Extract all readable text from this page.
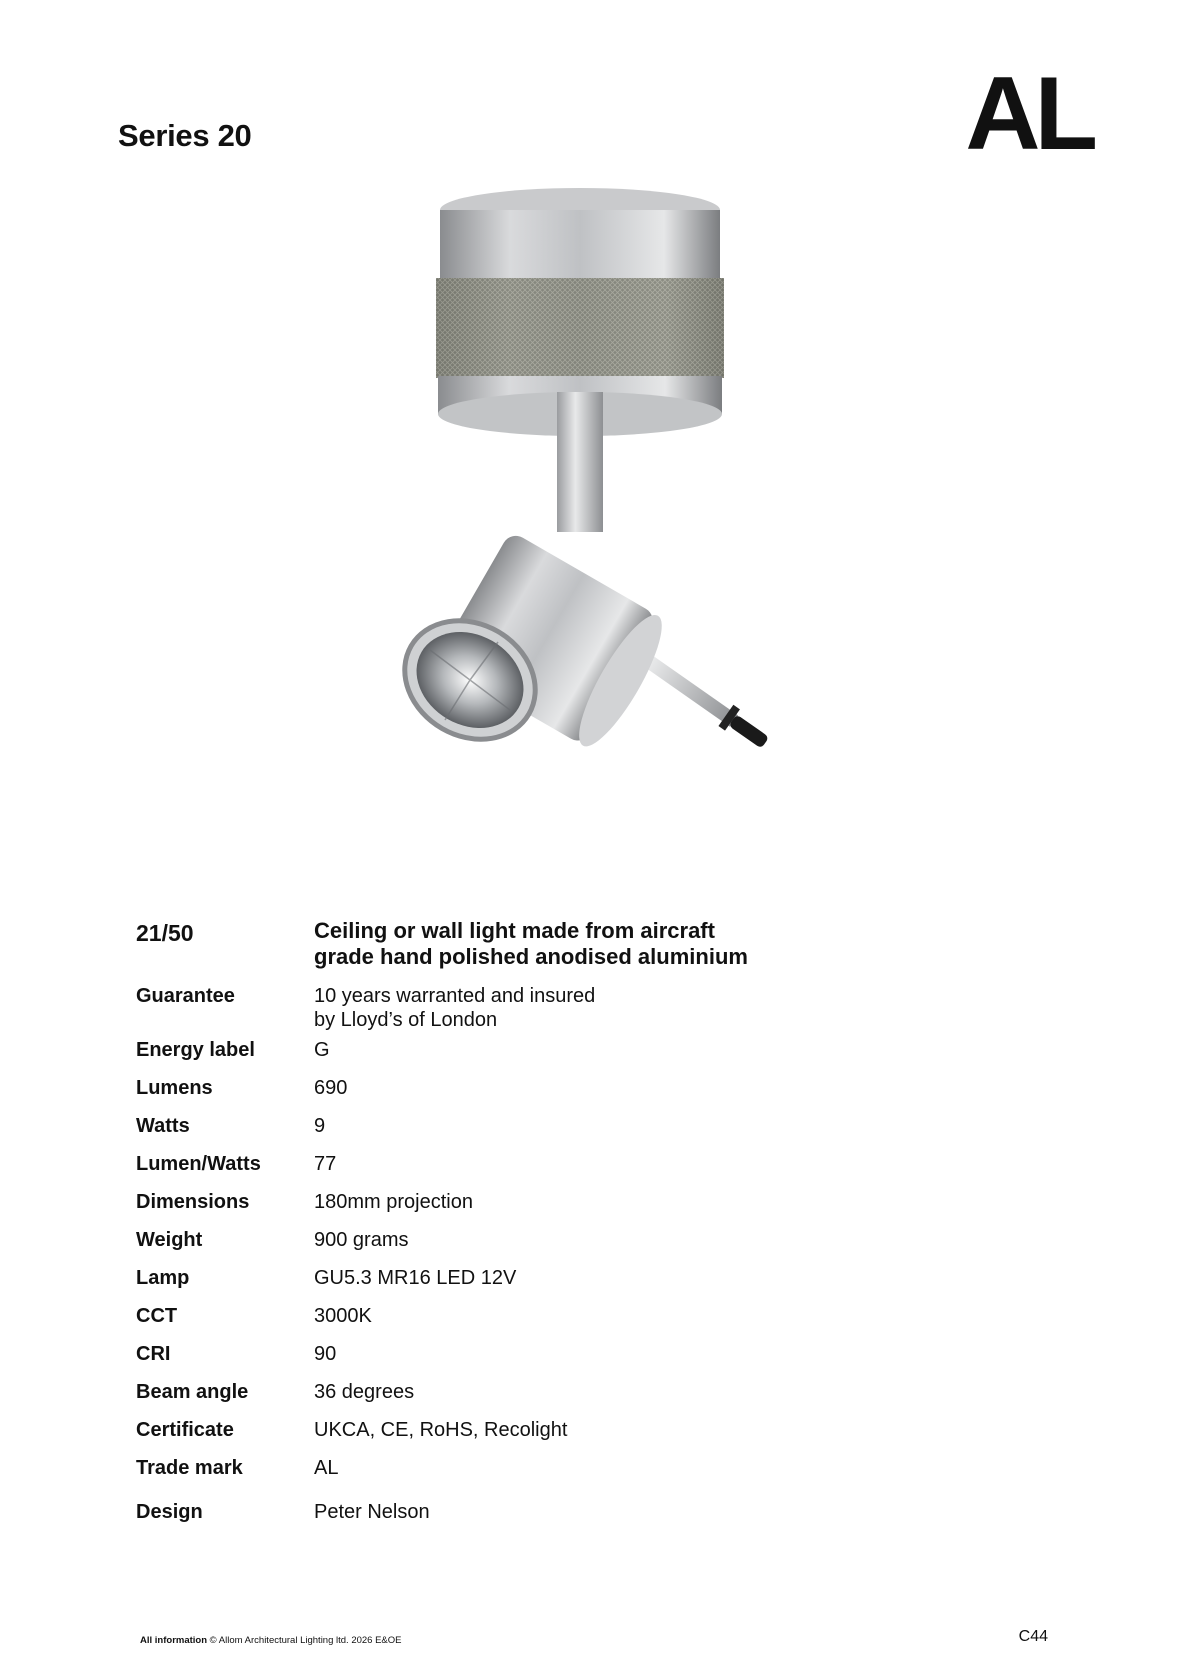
Series 20	AL
21/50	Ceiling or wall light made from aircraft
grade hand polished anodised aluminium
Guarantee	10 years warranted and insured
by Lloyd’s of London
Energy label	G
Lumens	690
Watts	9
Lumen/Watts	77
Dimensions	180mm projection
Weight	900 grams
Lamp	GU5.3 MR16 LED 12V
CCT	3000K
CRI	90
Beam angle	36 degrees
Certificate	UKCA, CE, RoHS, Recolight
Trade mark	AL
Design	Peter Nelson
All information © Allom Architectural Lighting ltd. 2026 E&OE	C44
